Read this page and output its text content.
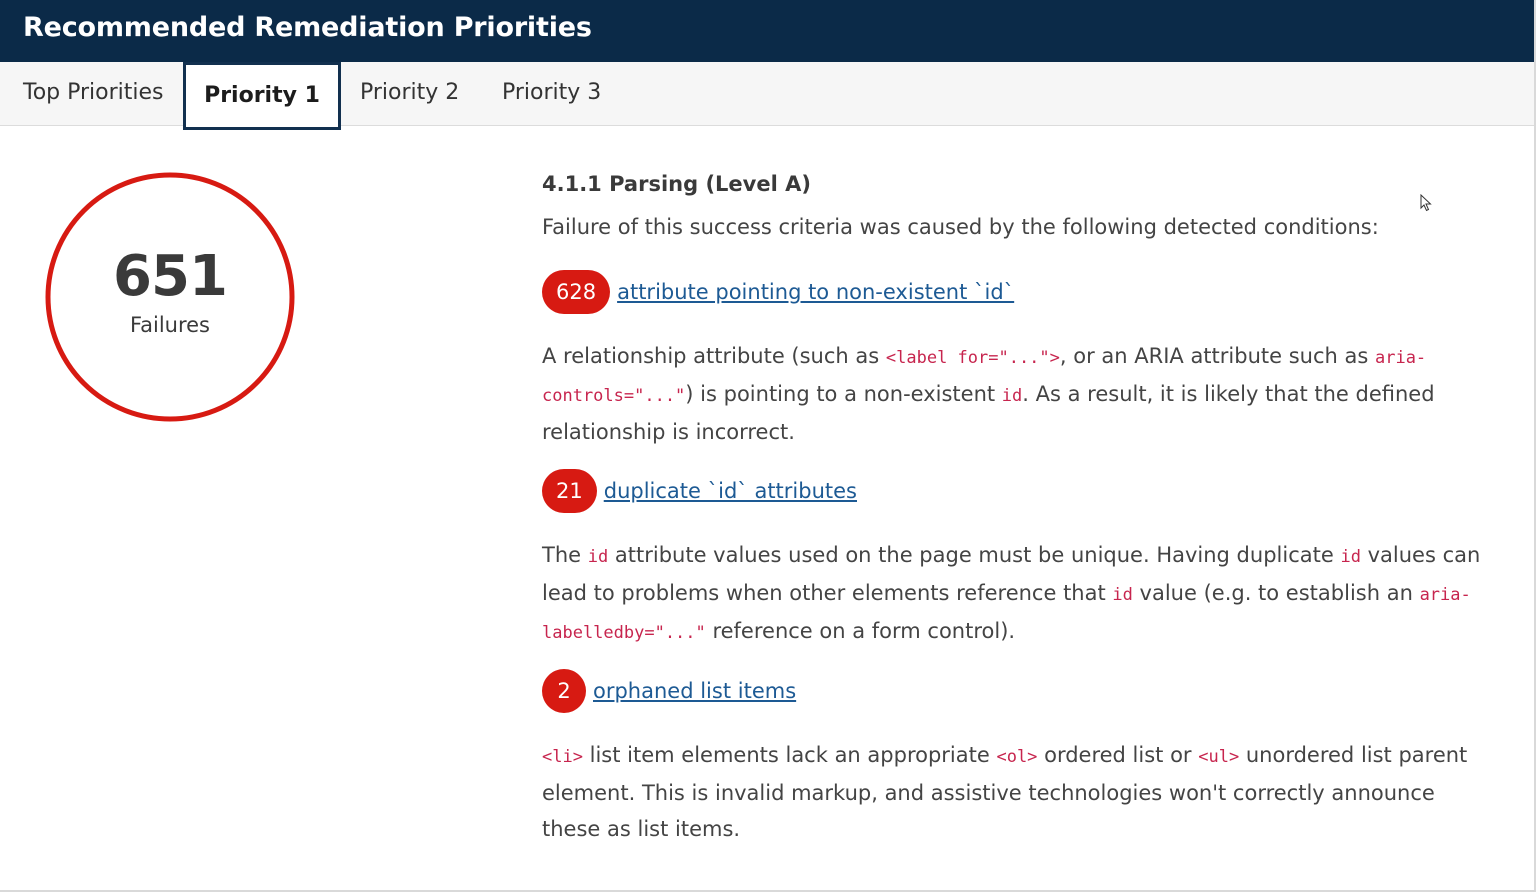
Recommended Remediation Priorities
Top Priorities	Priority 1	Priority 2 Priority 3
651
Failures
4.1.1 Parsing (Level A)
Failure of this success criteria was caused by the following detected conditions:
628	attribute pointing to non-existent `id`
A relationship attribute (such as <label for="...">, or an ARIA attribute such as aria-controls="...") is pointing to a non-existent id. As a result, it is likely that the defined relationship is incorrect.
21	duplicate `id` attributes
The id attribute values used on the page must be unique. Having duplicate id values can lead to problems when other elements reference that id value (e.g. to establish an aria-labelledby="..." reference on a form control).
2	orphaned list items
<li> list item elements lack an appropriate <ol> ordered list or <ul> unordered list parent element. This is invalid markup, and assistive technologies won't correctly announce these as list items.
